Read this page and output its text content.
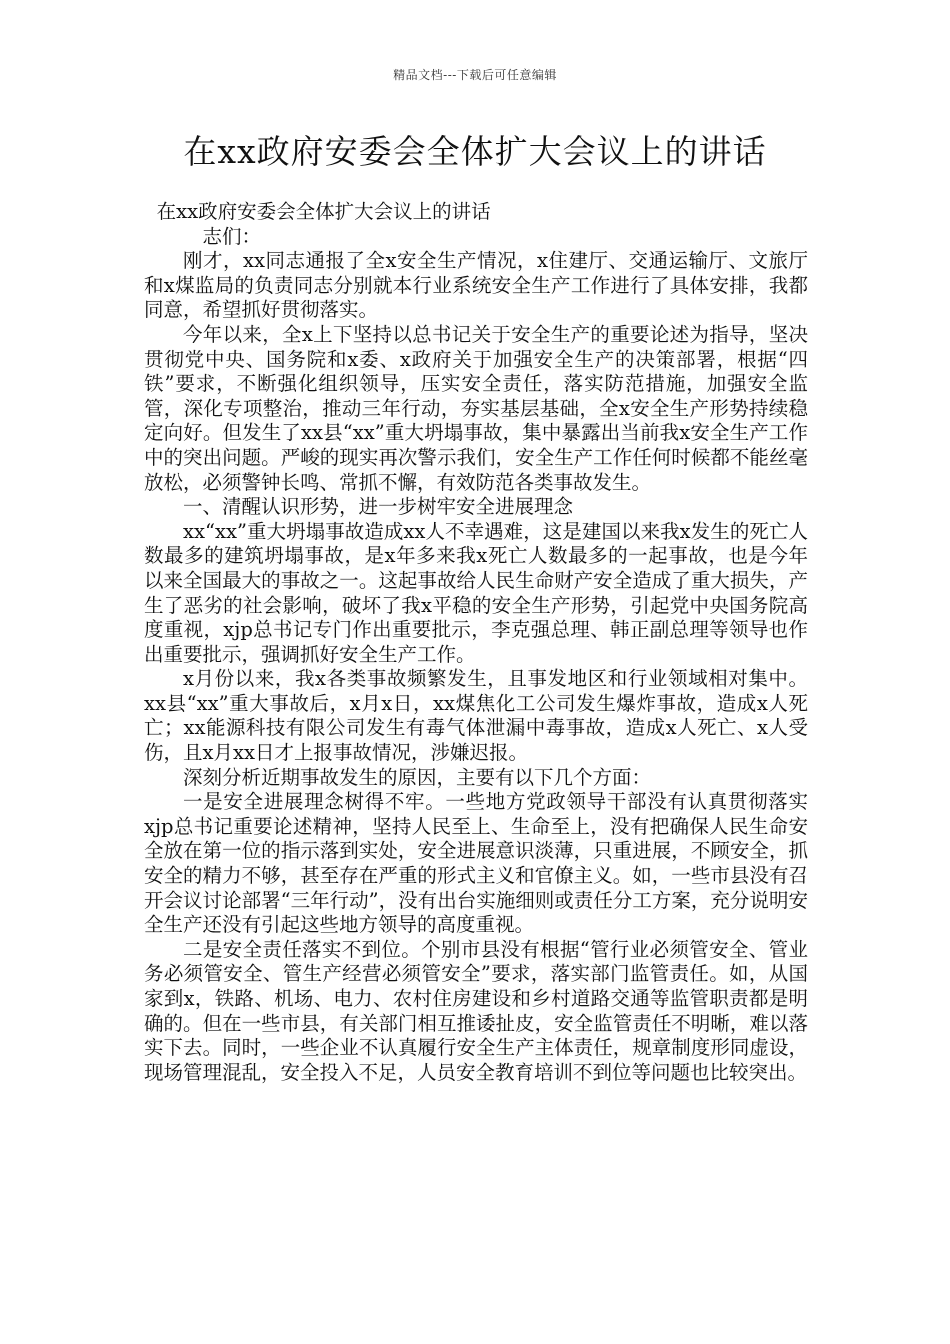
精品文档---下载后可任意编辑
在xx政府安委会全体扩大会议上的讲话

在xx政府安委会全体扩大会议上的讲话

志们：

刚才，xx同志通报了全x安全生产情况，x住建厅、交通运输厅、文旅厅和x煤监局的负责同志分别就本行业系统安全生产工作进行了具体安排，我都同意，希望抓好贯彻落实。

今年以来，全x上下坚持以总书记关于安全生产的重要论述为指导，坚决贯彻党中央、国务院和x委、x政府关于加强安全生产的决策部署，根据“四铁”要求，不断强化组织领导，压实安全责任，落实防范措施，加强安全监管，深化专项整治，推动三年行动，夯实基层基础，全x安全生产形势持续稳定向好。但发生了xx县“xx”重大坍塌事故，集中暴露出当前我x安全生产工作中的突出问题。严峻的现实再次警示我们，安全生产工作任何时候都不能丝毫放松，必须警钟长鸣、常抓不懈，有效防范各类事故发生。

一、清醒认识形势，进一步树牢安全进展理念

xx“xx”重大坍塌事故造成xx人不幸遇难，这是建国以来我x发生的死亡人数最多的建筑坍塌事故，是x年多来我x死亡人数最多的一起事故，也是今年以来全国最大的事故之一。这起事故给人民生命财产安全造成了重大损失，产生了恶劣的社会影响，破坏了我x平稳的安全生产形势，引起党中央国务院高度重视，xjp总书记专门作出重要批示，李克强总理、韩正副总理等领导也作出重要批示，强调抓好安全生产工作。

x月份以来，我x各类事故频繁发生，且事发地区和行业领域相对集中。xx县“xx”重大事故后，x月x日，xx煤焦化工公司发生爆炸事故，造成x人死亡；xx能源科技有限公司发生有毒气体泄漏中毒事故，造成x人死亡、x人受伤，且x月xx日才上报事故情况，涉嫌迟报。

深刻分析近期事故发生的原因，主要有以下几个方面：

一是安全进展理念树得不牢。一些地方党政领导干部没有认真贯彻落实xjp总书记重要论述精神，坚持人民至上、生命至上，没有把确保人民生命安全放在第一位的指示落到实处，安全进展意识淡薄，只重进展，不顾安全，抓安全的精力不够，甚至存在严重的形式主义和官僚主义。如，一些市县没有召开会议讨论部署“三年行动”，没有出台实施细则或责任分工方案，充分说明安全生产还没有引起这些地方领导的高度重视。

二是安全责任落实不到位。个别市县没有根据“管行业必须管安全、管业务必须管安全、管生产经营必须管安全”要求，落实部门监管责任。如，从国家到x，铁路、机场、电力、农村住房建设和乡村道路交通等监管职责都是明确的。但在一些市县，有关部门相互推诿扯皮，安全监管责任不明晰，难以落实下去。同时，一些企业不认真履行安全生产主体责任，规章制度形同虚设，现场管理混乱，安全投入不足，人员安全教育培训不到位等问题也比较突出。
